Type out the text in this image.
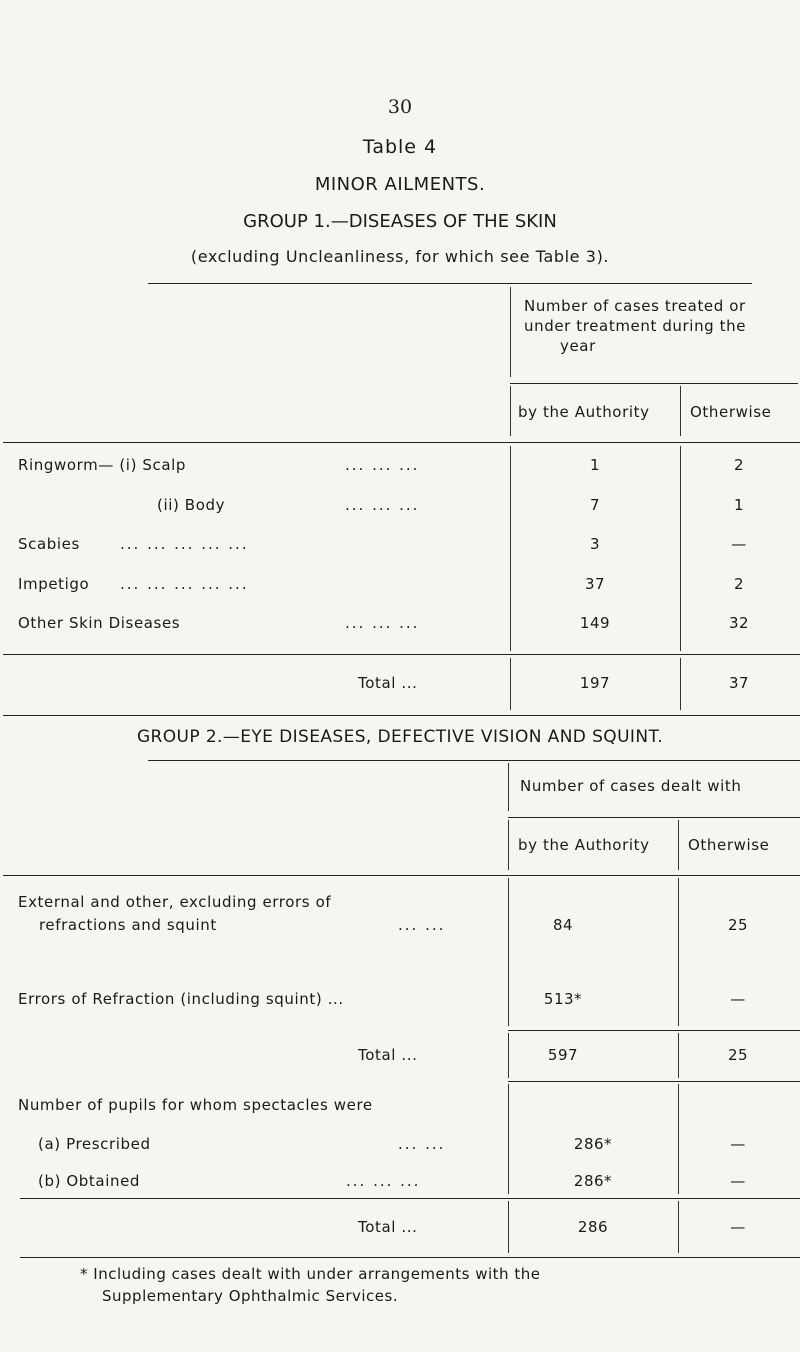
30
Table 4
MINOR AILMENTS.
GROUP 1.—DISEASES OF THE SKIN
(excluding Uncleanliness, for which see Table 3).
Number of cases treated or
under treatment during the
year
by the Authority	Otherwise
Ringworm— (i) Scalp	... ... ...	1	2
(ii) Body	... ... ...	7	1
Scabies	... ... ... ... ...	3	—
Impetigo ... ... ... ... ...	37	2
Other Skin Diseases	... ... ...	149	32
Total ...	197	37
GROUP 2.—EYE DISEASES, DEFECTIVE VISION AND SQUINT.
Number of cases dealt with
by the Authority	Otherwise
External and other, excluding errors of
refractions and squint	... ...	84	25
Errors of Refraction (including squint) ...	513*	—
Total ...	597	25
Number of pupils for whom spectacles were
(a) Prescribed	... ...	286*	—
(b) Obtained	... ... ...	286*	—
Total ...	286	—
* Including cases dealt with under arrangements with the
Supplementary Ophthalmic Services.
